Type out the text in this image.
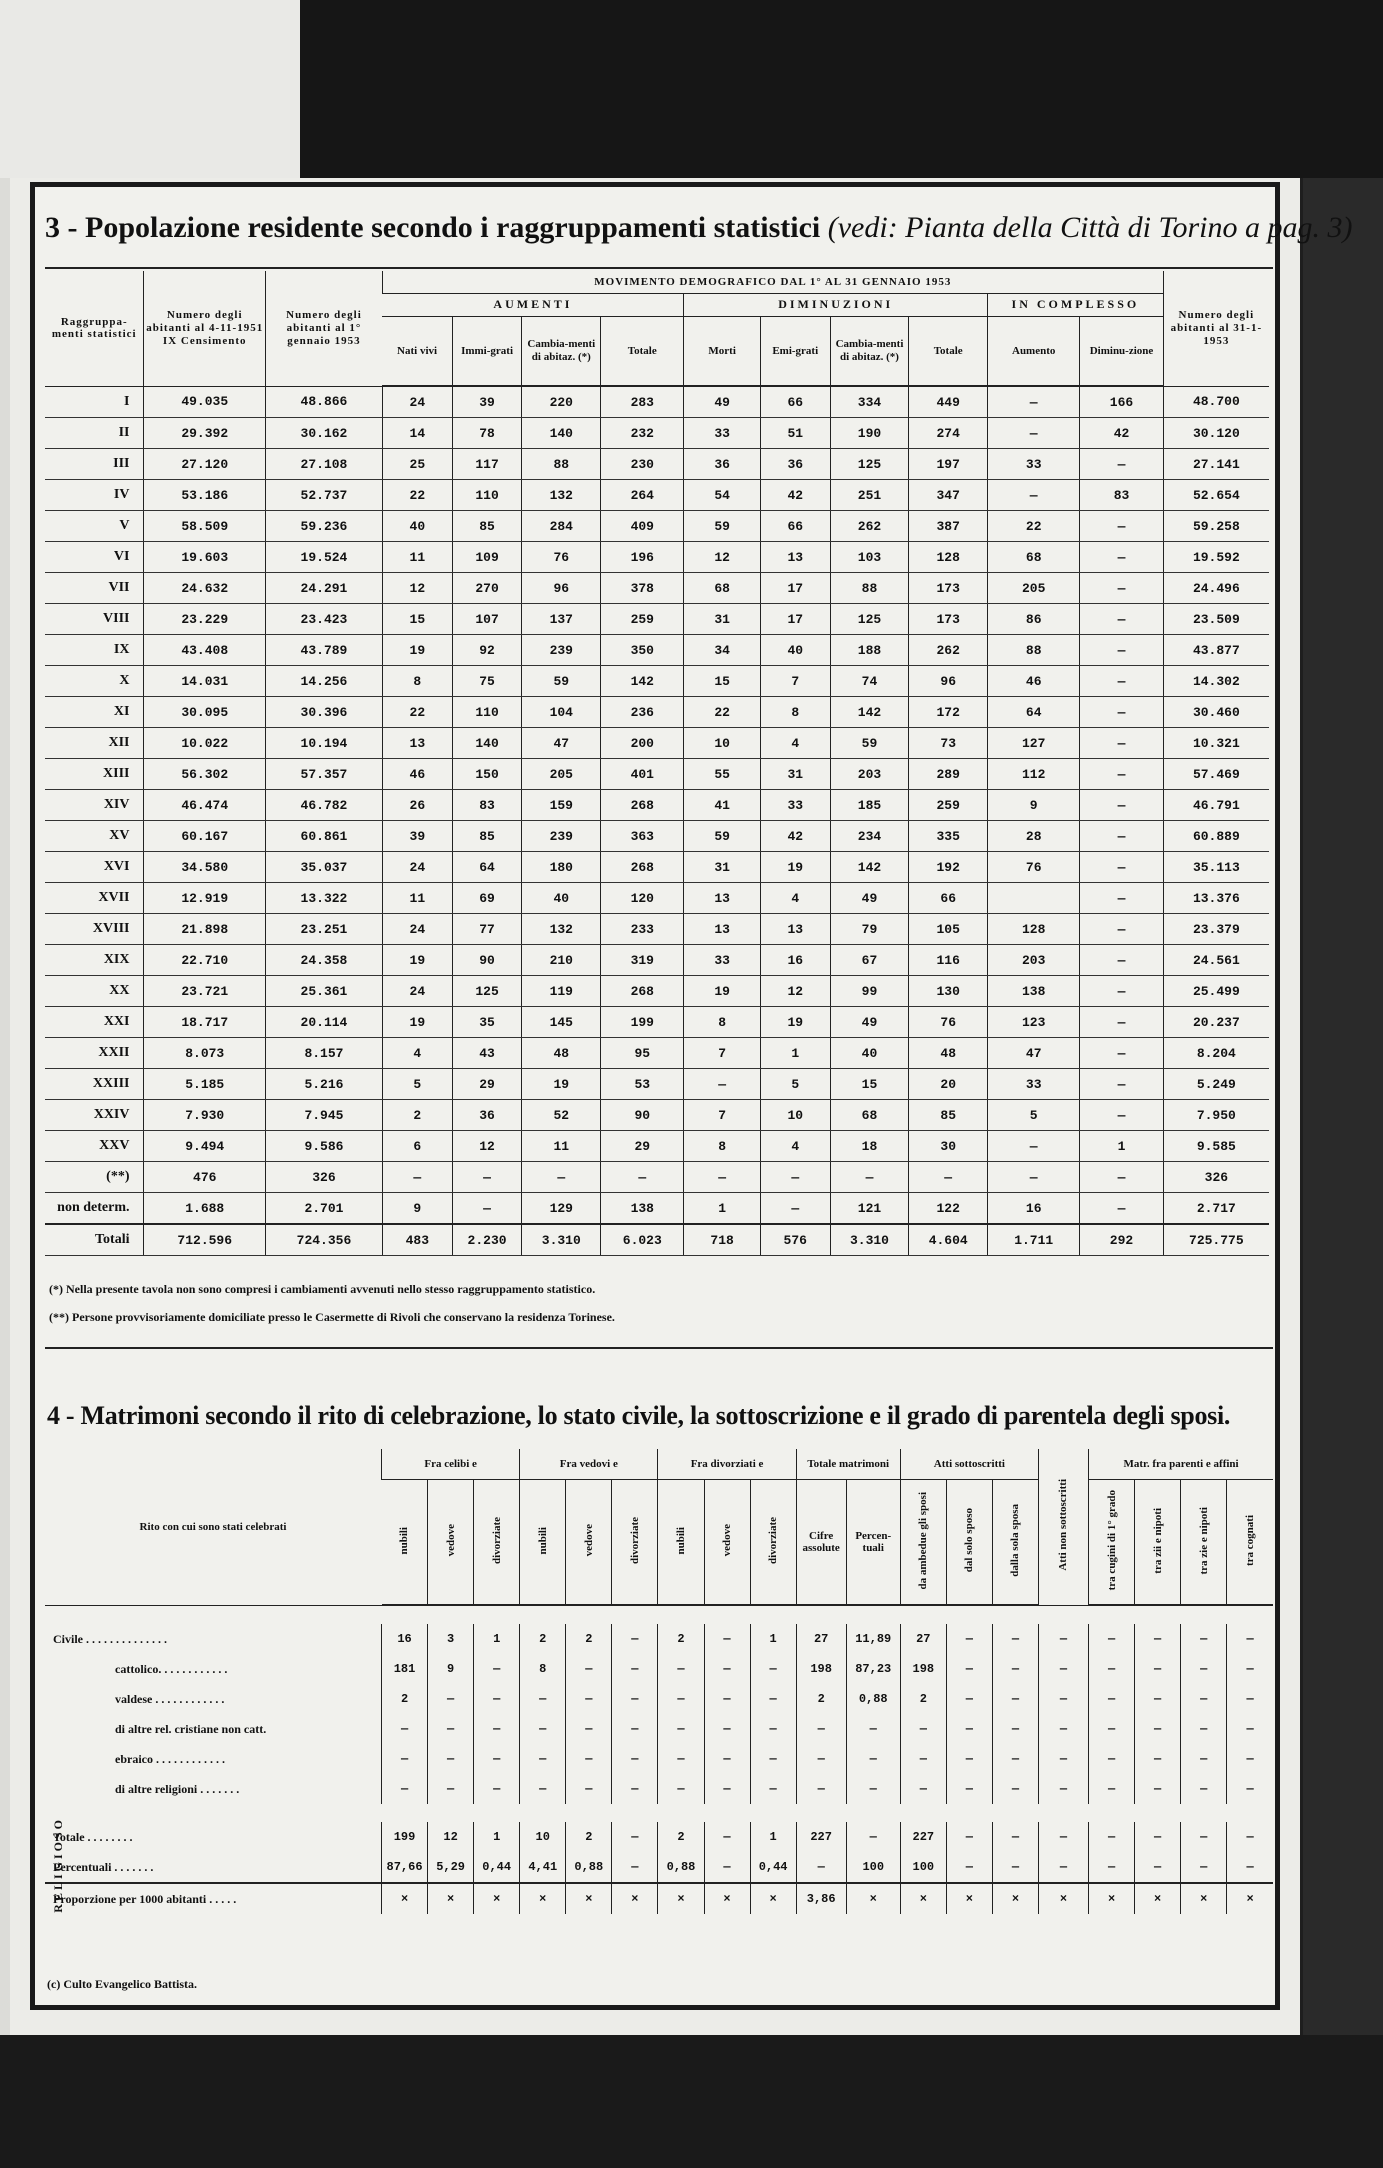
3 - Popolazione residente secondo i raggruppamenti statistici (vedi: Pianta della Città di Torino a pag. 3)
Raggruppa-menti statistici	Numero degli abitanti al 4-11-1951 IX Censimento	Numero degli abitanti al 1° gennaio 1953	MOVIMENTO DEMOGRAFICO DAL 1° AL 31 GENNAIO 1953										Numero degli abitanti al 31-1-1953
			AUMENTI				DIMINUZIONI				IN COMPLESSO		
			Nati vivi	Immi-grati	Cambia-menti di abitaz. (*)	Totale	Morti	Emi-grati	Cambia-menti di abitaz. (*)	Totale	Aumento	Diminu-zione	
I	49.035	48.866	24	39	220	283	49	66	334	449	—	166	48.700
II	29.392	30.162	14	78	140	232	33	51	190	274	—	42	30.120
III	27.120	27.108	25	117	88	230	36	36	125	197	33	—	27.141
IV	53.186	52.737	22	110	132	264	54	42	251	347	—	83	52.654
V	58.509	59.236	40	85	284	409	59	66	262	387	22	—	59.258
VI	19.603	19.524	11	109	76	196	12	13	103	128	68	—	19.592
VII	24.632	24.291	12	270	96	378	68	17	88	173	205	—	24.496
VIII	23.229	23.423	15	107	137	259	31	17	125	173	86	—	23.509
IX	43.408	43.789	19	92	239	350	34	40	188	262	88	—	43.877
X	14.031	14.256	8	75	59	142	15	7	74	96	46	—	14.302
XI	30.095	30.396	22	110	104	236	22	8	142	172	64	—	30.460
XII	10.022	10.194	13	140	47	200	10	4	59	73	127	—	10.321
XIII	56.302	57.357	46	150	205	401	55	31	203	289	112	—	57.469
XIV	46.474	46.782	26	83	159	268	41	33	185	259	9	—	46.791
XV	60.167	60.861	39	85	239	363	59	42	234	335	28	—	60.889
XVI	34.580	35.037	24	64	180	268	31	19	142	192	76	—	35.113
XVII	12.919	13.322	11	69	40	120	13	4	49	66		—	13.376
XVIII	21.898	23.251	24	77	132	233	13	13	79	105	128	—	23.379
XIX	22.710	24.358	19	90	210	319	33	16	67	116	203	—	24.561
XX	23.721	25.361	24	125	119	268	19	12	99	130	138	—	25.499
XXI	18.717	20.114	19	35	145	199	8	19	49	76	123	—	20.237
XXII	8.073	8.157	4	43	48	95	7	1	40	48	47	—	8.204
XXIII	5.185	5.216	5	29	19	53	—	5	15	20	33	—	5.249
XXIV	7.930	7.945	2	36	52	90	7	10	68	85	5	—	7.950
XXV	9.494	9.586	6	12	11	29	8	4	18	30	—	1	9.585
(**)	476	326	—	—	—	—	—	—	—	—	—	—	326
non determ.	1.688	2.701	9	—	129	138	1	—	121	122	16	—	2.717
Totali	712.596	724.356	483	2.230	3.310	6.023	718	576	3.310	4.604	1.711	292	725.775
(*) Nella presente tavola non sono compresi i cambiamenti avvenuti nello stesso raggruppamento statistico.
(**) Persone provvisoriamente domiciliate presso le Casermette di Rivoli che conservano la residenza Torinese.
4 - Matrimoni secondo il rito di celebrazione, lo stato civile, la sottoscrizione e il grado di parentela degli sposi.
Rito con cui sono stati celebrati	Fra celibi e			Fra vedovi e			Fra divorziati e			Totale matrimoni		Atti sottoscritti			Atti non sottoscritti	Matr. fra parenti e affini			
	nubili	vedove	divorziate	nubili	vedove	divorziate	nubili	vedove	divorziate	Cifre assolute	Percen-tuali	da ambedue gli sposi	dal solo sposo	dalla sola sposa		tra cugini di 1° grado	tra zii e nipoti	tra zie e nipoti	tra cognati

Civile . . . . . . . . . . . . . .	16	3	1	2	2	—	2	—	1	27	11,89	27	—	—	—	—	—	—	—
cattolico. . . . . . . . . . . .	181	9	—	8	—	—	—	—	—	198	87,23	198	—	—	—	—	—	—	—
valdese . . . . . . . . . . . .	2	—	—	—	—	—	—	—	—	2	0,88	2	—	—	—	—	—	—	—
di altre rel. cristiane non catt.	—	—	—	—	—	—	—	—	—	—	—	—	—	—	—	—	—	—	—
ebraico . . . . . . . . . . . .	—	—	—	—	—	—	—	—	—	—	—	—	—	—	—	—	—	—	—
di altre religioni . . . . . . .	—	—	—	—	—	—	—	—	—	—	—	—	—	—	—	—	—	—	—

Totale . . . . . . . .	199	12	1	10	2	—	2	—	1	227	—	227	—	—	—	—	—	—	—
Percentuali . . . . . . .	87,66	5,29	0,44	4,41	0,88	—	0,88	—	0,44	—	100	100	—	—	—	—	—	—	—
Proporzione per 1000 abitanti . . . . .	×	×	×	×	×	×	×	×	×	3,86	×	×	×	×	×	×	×	×	×
RELIGIOSO
(c) Culto Evangelico Battista.
